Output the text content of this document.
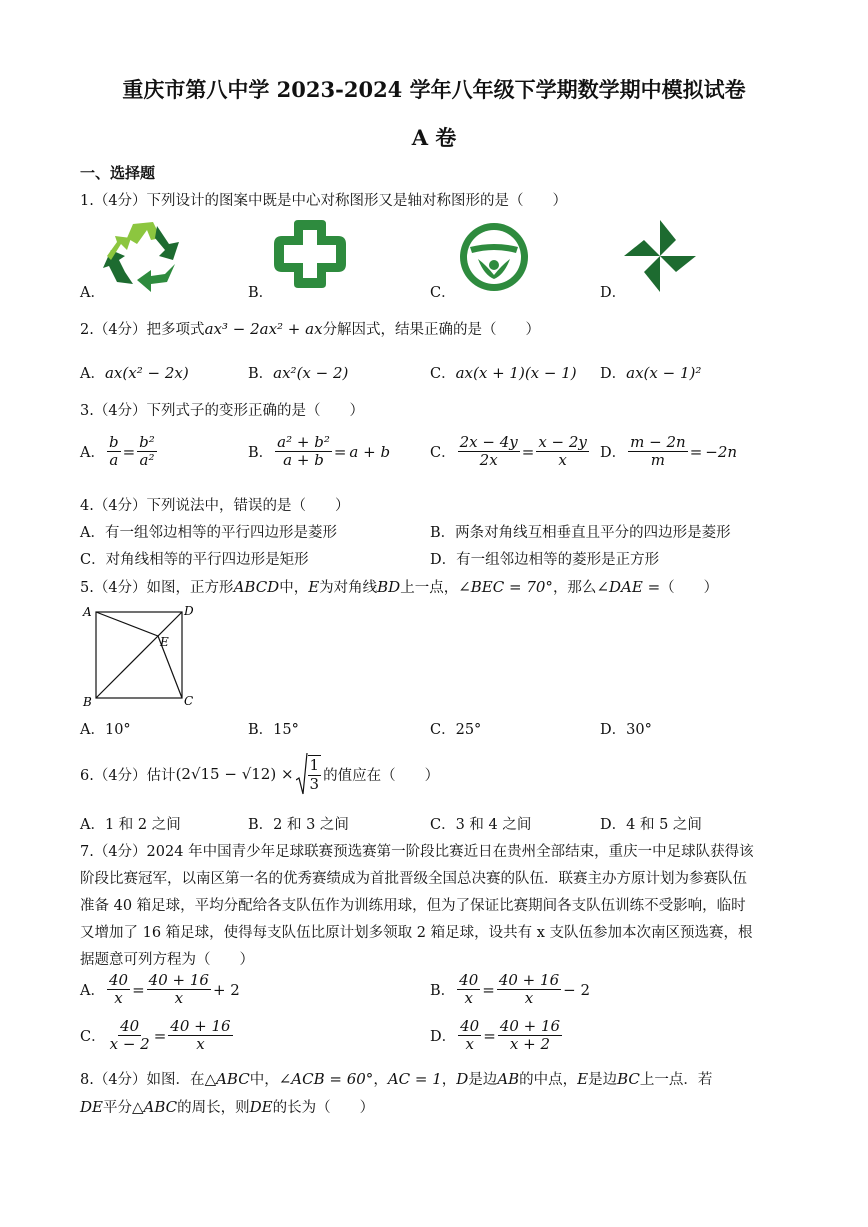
重庆市第八中学 2023-2024 学年八年级下学期数学期中模拟试卷
A 卷
一、选择题
1.（4分）下列设计的图案中既是中心对称图形又是轴对称图形的是（　　）
A．	B．	C．	D．
2.（4分）把多项式ax³ − 2ax² + ax分解因式，结果正确的是（　　）
A．ax(x² − 2x)	B．ax²(x − 2)	C．ax(x + 1)(x − 1) D．ax(x − 1)²
3.（4分）下列式子的变形正确的是（　　）
A． $\frac{b}{a} = \frac{\text{b²}}{\text{a²}}$	B． $\frac{\text{a² + b²}}{a + b} = a + b$	C． $\frac{2x - 4y}{2x} = \frac{x - 2y}{x}$ D． $\frac{m - 2n}{m} = -2n$
4.（4分）下列说法中，错误的是（　　）
A．有一组邻边相等的平行四边形是菱形	B．两条对角线互相垂直且平分的四边形是菱形
C．对角线相等的平行四边形是矩形	D．有一组邻边相等的菱形是正方形
5.（4分）如图，正方形ABCD中，E为对角线BD上一点，∠BEC = 70°，那么∠DAE =（　　）
A	D
B	C
E
A．10°	B．15°	C．25°	D．30°
6.（4分）估计 $(2√15 - √12) \times \frac{1}{3}$ 的值应在（　　）
A．1 和 2 之间	B．2 和 3 之间	C．3 和 4 之间	D．4 和 5 之间
7.（4分）2024 年中国青少年足球联赛预选赛第一阶段比赛近日在贵州全部结束，重庆一中足球队获得该
阶段比赛冠军，以南区第一名的优秀赛绩成为首批晋级全国总决赛的队伍．联赛主办方原计划为参赛队伍
准备 40 箱足球，平均分配给各支队伍作为训练用球，但为了保证比赛期间各支队伍训练不受影响，临时
又增加了 16 箱足球，使得每支队伍比原计划多领取 2 箱足球，设共有 x 支队伍参加本次南区预选赛，根
据题意可列方程为（　　）
A． $\frac{40}{x} = \frac{40 + 16}{x} + 2$	B． $\frac{40}{x} = \frac{40 + 16}{x} - 2$
C． $\frac{40}{x - 2} = \frac{40 + 16}{x}$	D． $\frac{40}{x} = \frac{40 + 16}{x + 2}$
8.（4分）如图．在△ABC中，∠ACB = 60°，AC = 1，D是边AB的中点，E是边BC上一点．若
DE平分△ABC的周长，则DE的长为（　　）
